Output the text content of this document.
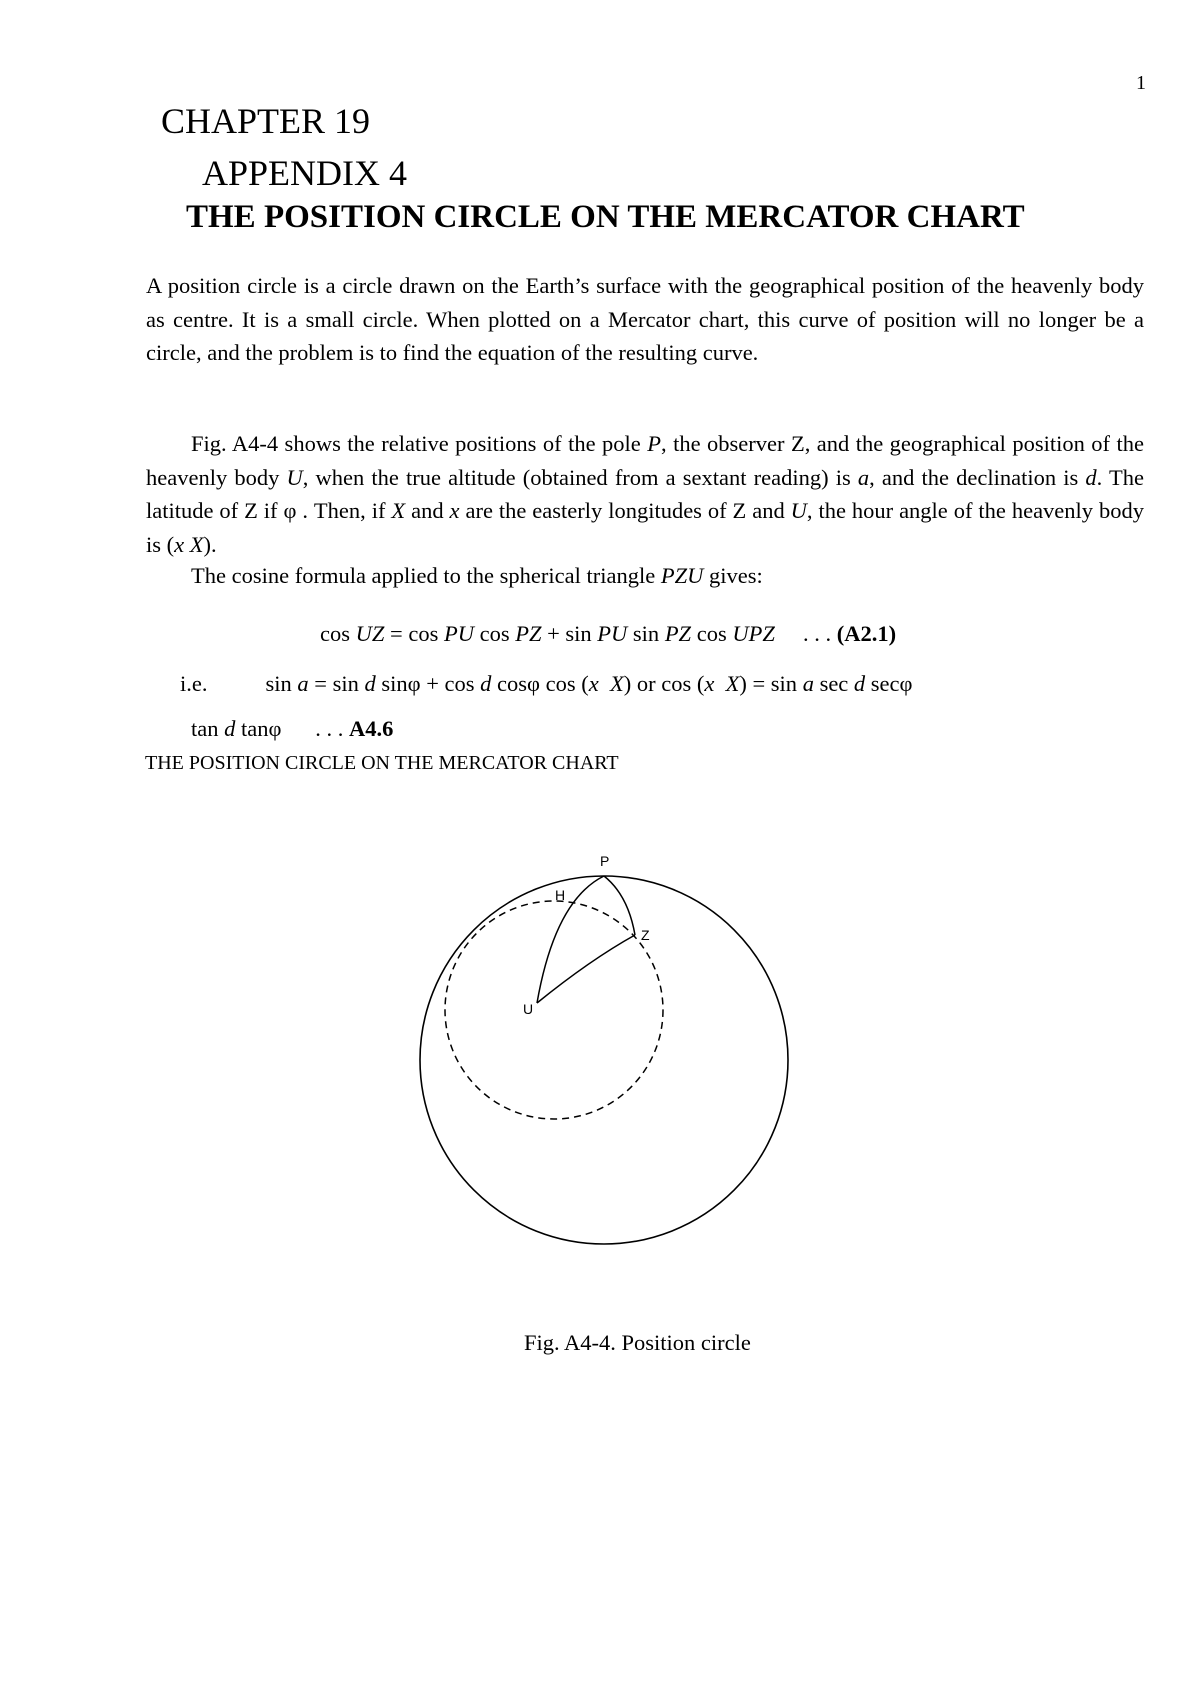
1
CHAPTER 19
APPENDIX 4
THE POSITION CIRCLE ON THE MERCATOR CHART
A position circle is a circle drawn on the Earth’s surface with the geographical position of the heavenly body as centre. It is a small circle. When plotted on a Mercator chart, this curve of position will no longer be a circle, and the problem is to find the equation of the resulting curve.
Fig. A4-4 shows the relative positions of the pole P, the observer Z, and the geographical position of the heavenly body U, when the true altitude (obtained from a sextant reading) is a, and the declination is d. The latitude of Z if φ . Then, if X and x are the easterly longitudes of Z and U, the hour angle of the heavenly body is (x X).
The cosine formula applied to the spherical triangle PZU gives:
cos UZ = cos PU cos PZ + sin PU sin PZ cos UPZ     . . . (A2.1)
i.e.	sin a = sin d sinφ + cos d cosφ cos (x X) or cos (x X) = sin a sec d secφ
tan d tanφ      . . . A4.6
THE POSITION CIRCLE ON THE MERCATOR CHART
P
H
Z
U
Fig. A4-4. Position circle
